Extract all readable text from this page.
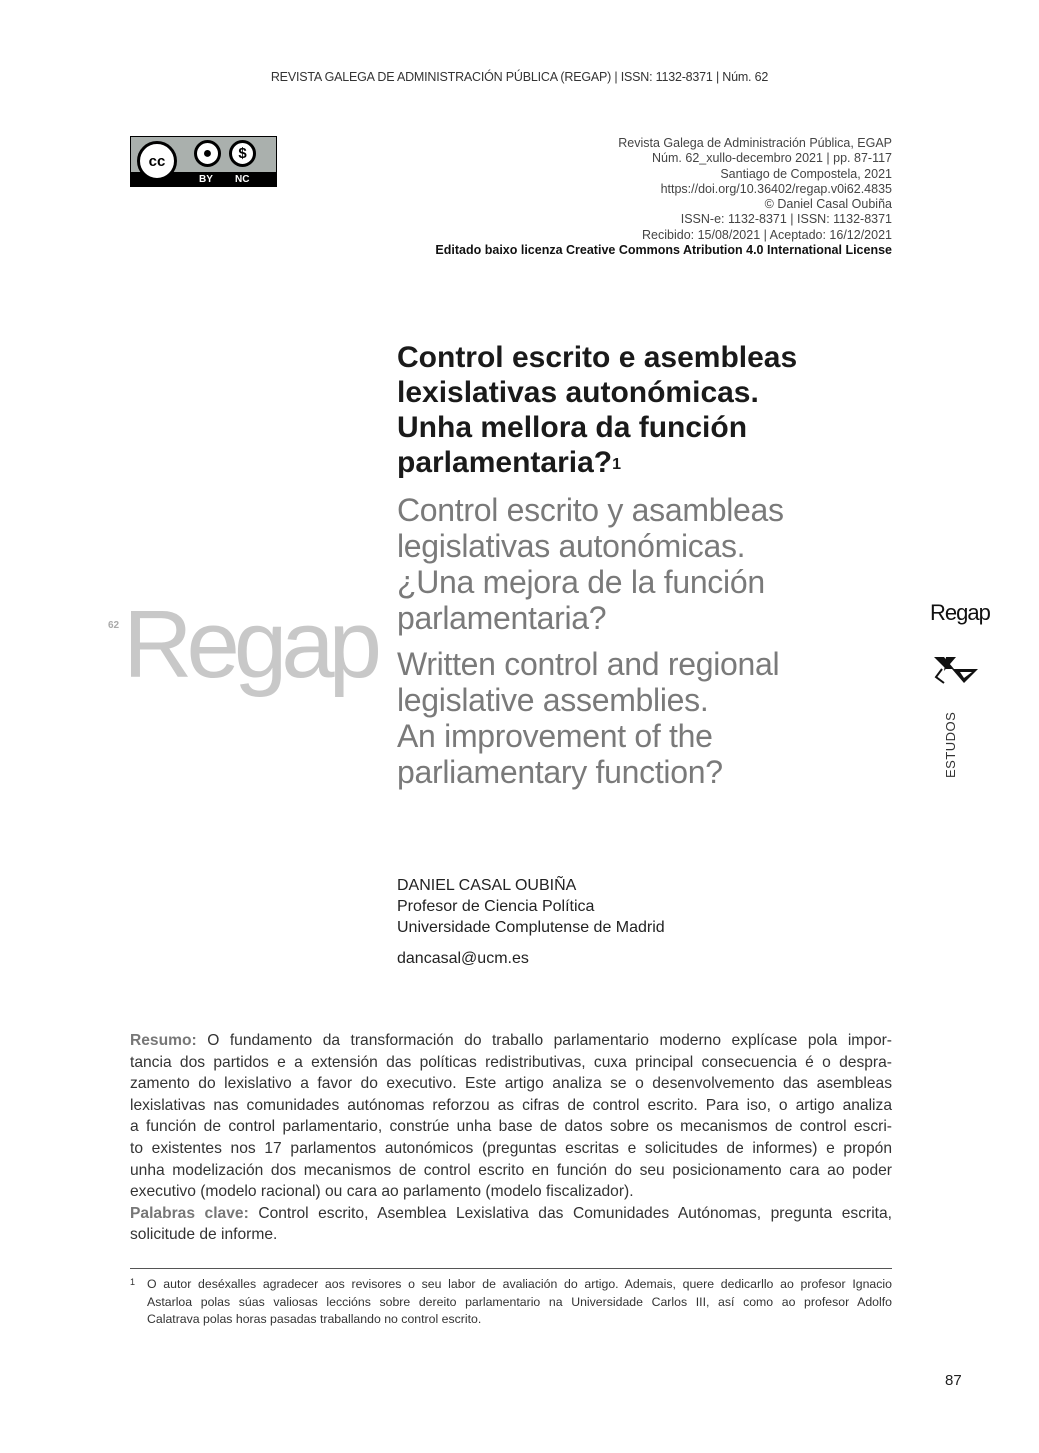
REVISTA GALEGA DE ADMINISTRACIÓN PÚBLICA (REGAP) | ISSN: 1132-8371 | Núm. 62
cc	●	$
BY NC
Revista Galega de Administración Pública, EGAP
Núm. 62_xullo-decembro 2021 | pp. 87-117
Santiago de Compostela, 2021
https://doi.org/10.36402/regap.v0i62.4835
© Daniel Casal Oubiña
ISSN-e: 1132-8371 | ISSN: 1132-8371
Recibido: 15/08/2021 | Aceptado: 16/12/2021
Editado baixo licenza Creative Commons Atribution 4.0 International License
62 Regap
Control escrito e asembleas
lexislativas autonómicas.
Unha mellora da función
parlamentaria?$^1$
Control escrito y asambleas
legislativas autonómicas.
¿Una mejora de la función
parlamentaria?
Written control and regional
legislative assemblies.
An improvement of the
parliamentary function?
Regap
ESTUDOS
DANIEL CASAL OUBIÑA
Profesor de Ciencia Política
Universidade Complutense de Madrid
dancasal@ucm.es
Resumo: O fundamento da transformación do traballo parlamentario moderno explícase pola impor-
tancia dos partidos e a extensión das políticas redistributivas, cuxa principal consecuencia é o despra-
zamento do lexislativo a favor do executivo. Este artigo analiza se o desenvolvemento das asembleas
lexislativas nas comunidades autónomas reforzou as cifras de control escrito. Para iso, o artigo analiza
a función de control parlamentario, constrúe unha base de datos sobre os mecanismos de control escri-
to existentes nos 17 parlamentos autonómicos (preguntas escritas e solicitudes de informes) e propón
unha modelización dos mecanismos de control escrito en función do seu posicionamento cara ao poder
executivo (modelo racional) ou cara ao parlamento (modelo fiscalizador).
Palabras clave: Control escrito, Asemblea Lexislativa das Comunidades Autónomas, pregunta escrita,
solicitude de informe.
1 O autor deséxalles agradecer aos revisores o seu labor de avaliación do artigo. Ademais, quere dedicarllo ao profesor Ignacio
Astarloa polas súas valiosas leccións sobre dereito parlamentario na Universidade Carlos III, así como ao profesor Adolfo
Calatrava polas horas pasadas traballando no control escrito.
87
